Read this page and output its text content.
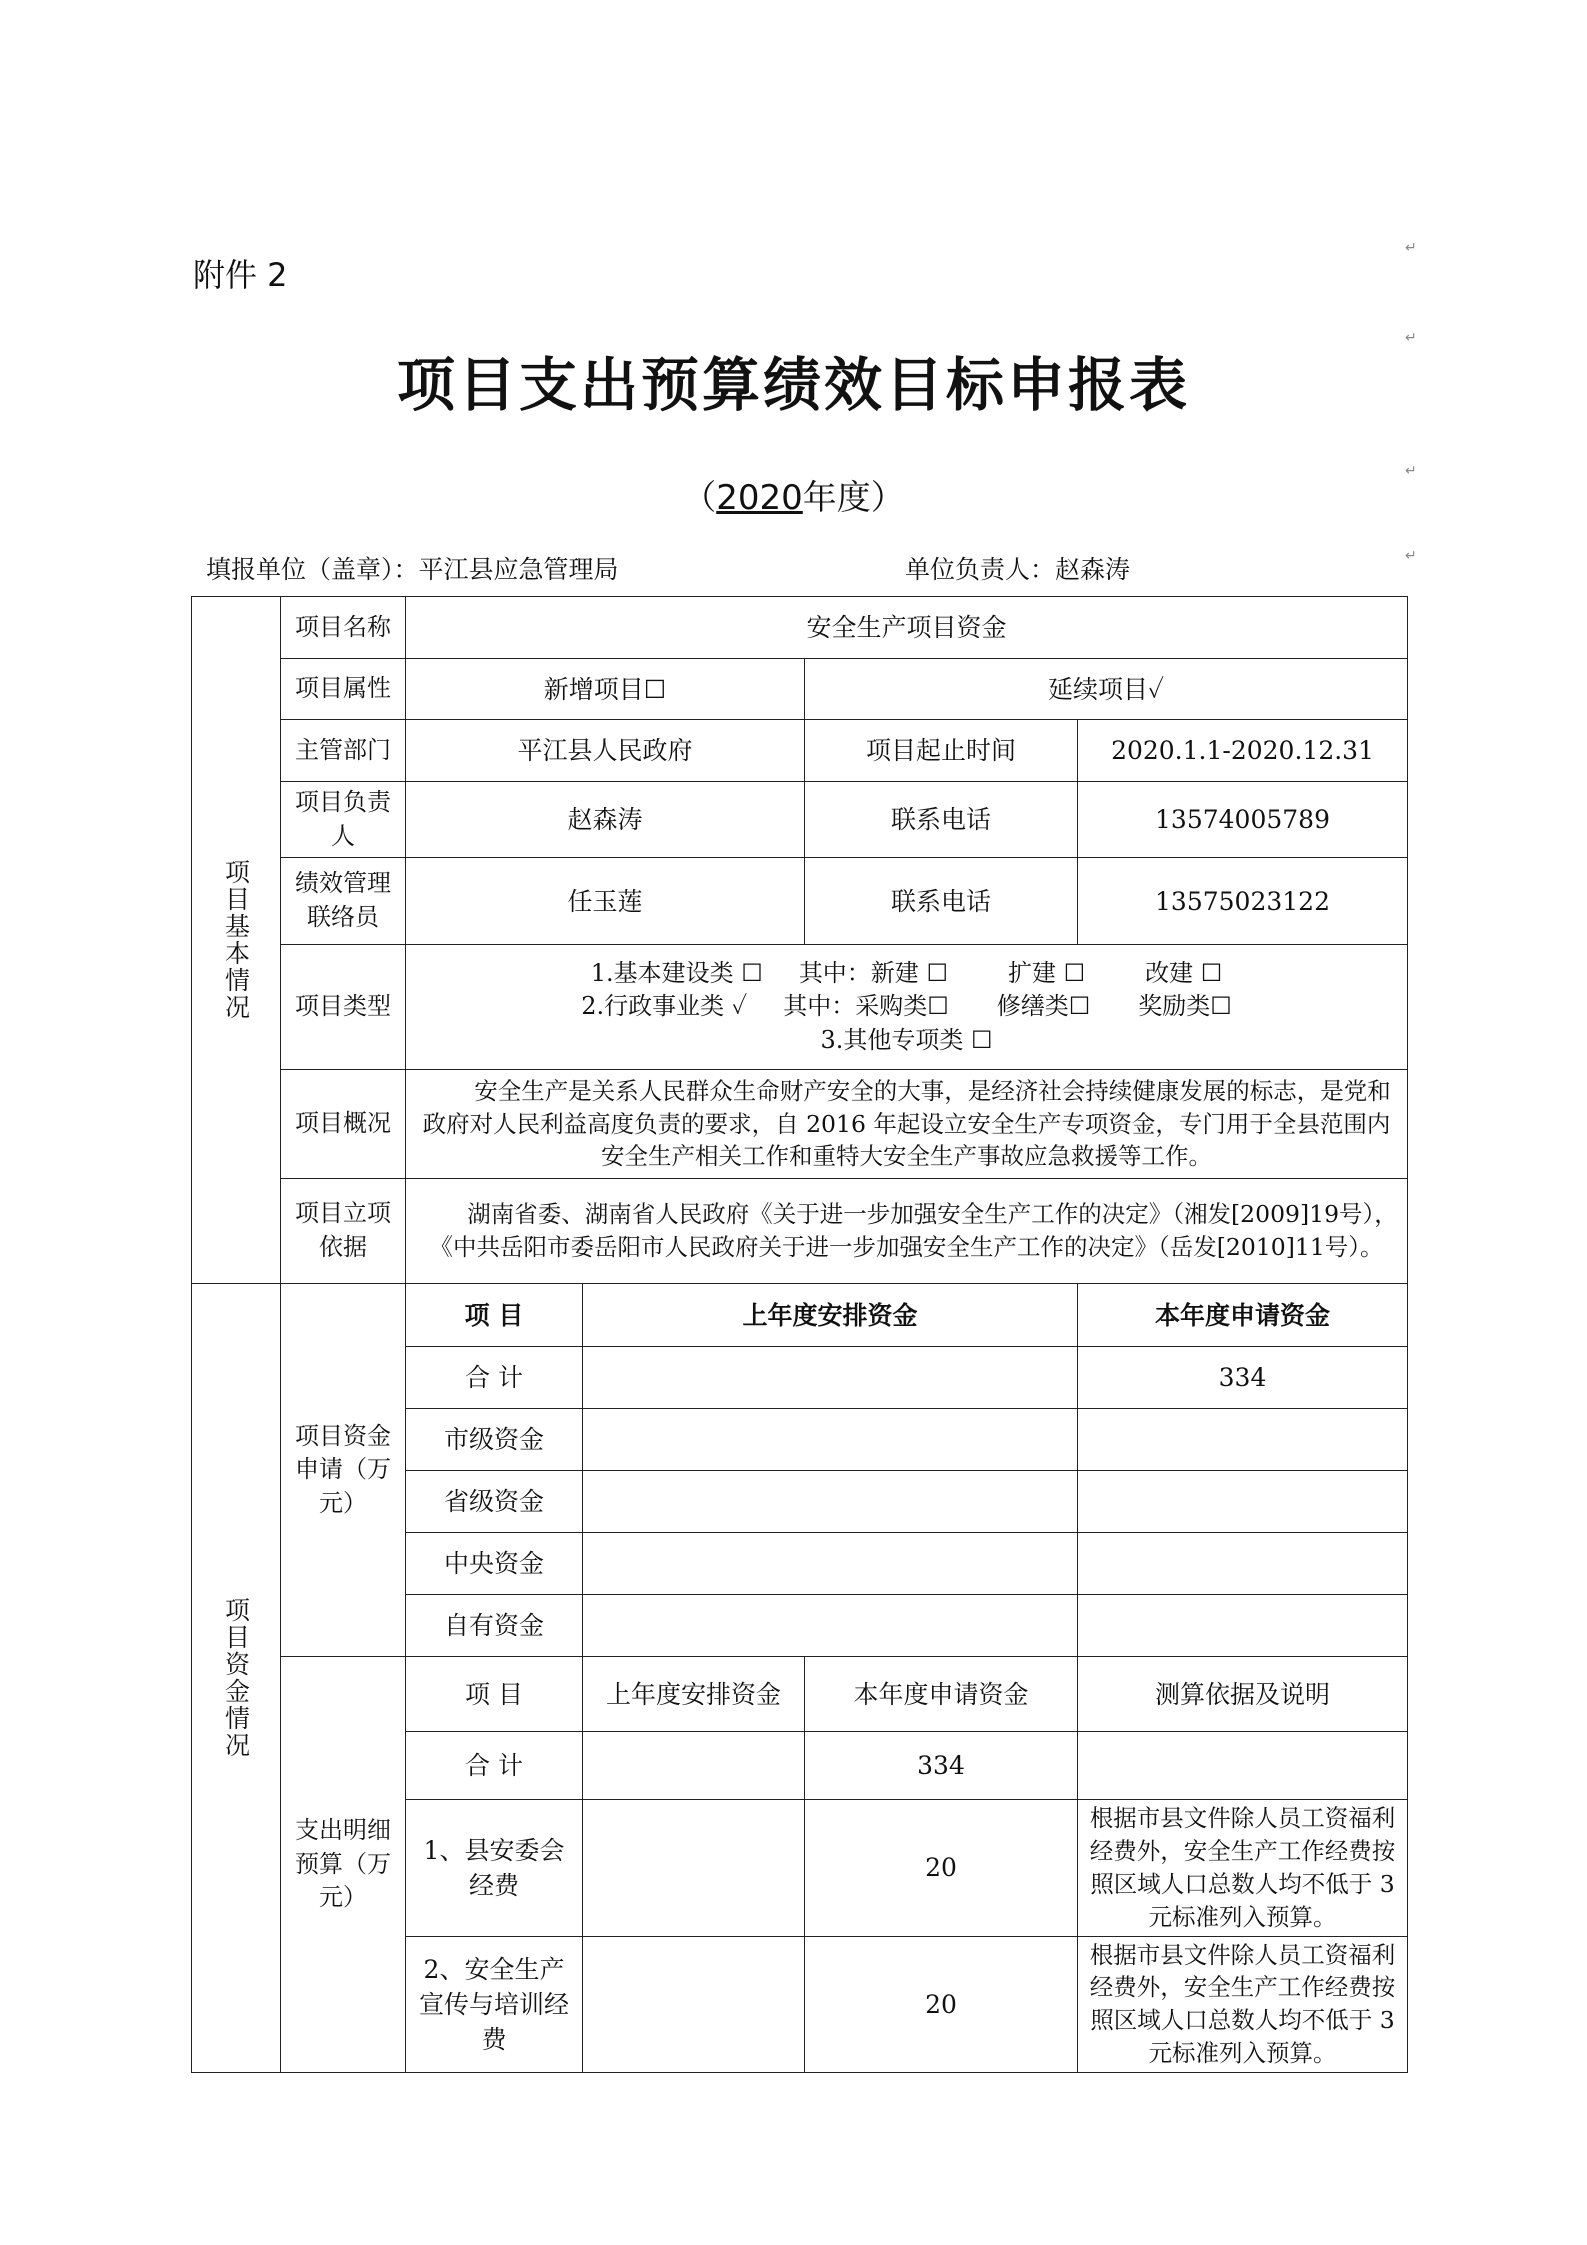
附件 2
↵
↵
↵
↵
项目支出预算绩效目标申报表
（2020年度）
填报单位（盖章）：平江县应急管理局	单位负责人：赵森涛
项目基本情况	项目名称	安全生产项目资金			
	项目属性	新增项目☐		延续项目✓	
	主管部门	平江县人民政府		项目起止时间	2020.1.1-2020.12.31
	项目负责人	赵森涛		联系电话	13574005789
	绩效管理联络员	任玉莲		联系电话	13575023122
	项目类型	1.基本建设类 ☐ 其中：新建 ☐ 扩建 ☐ 改建 ☐
2.行政事业类 ✓ 其中：采购类☐ 修缮类☐ 奖励类☐
3.其他专项类 ☐			

	项目概况	安全生产是关系人民群众生命财产安全的大事，是经济社会持续健康发展的标志，是党和政府对人民利益高度负责的要求，自 2016 年起设立安全生产专项资金，专门用于全县范围内安全生产相关工作和重特大安全生产事故应急救援等工作。			
	项目立项依据	湖南省委、湖南省人民政府《关于进一步加强安全生产工作的决定》（湘发[2009]19号），《中共岳阳市委岳阳市人民政府关于进一步加强安全生产工作的决定》（岳发[2010]11号）。			

项目资金情况	项目资金申请（万元）	项 目	上年度安排资金		本年度申请资金
		合 计			334
		市级资金			
		省级资金			
		中央资金			
		自有资金			
	支出明细预算（万元）	项 目	上年度安排资金	本年度申请资金	测算依据及说明
		合 计		334	
		1、县安委会经费		20	根据市县文件除人员工资福利经费外，安全生产工作经费按照区域人口总数人均不低于 3 元标准列入预算。
		2、安全生产宣传与培训经费		20	根据市县文件除人员工资福利经费外，安全生产工作经费按照区域人口总数人均不低于 3 元标准列入预算。
